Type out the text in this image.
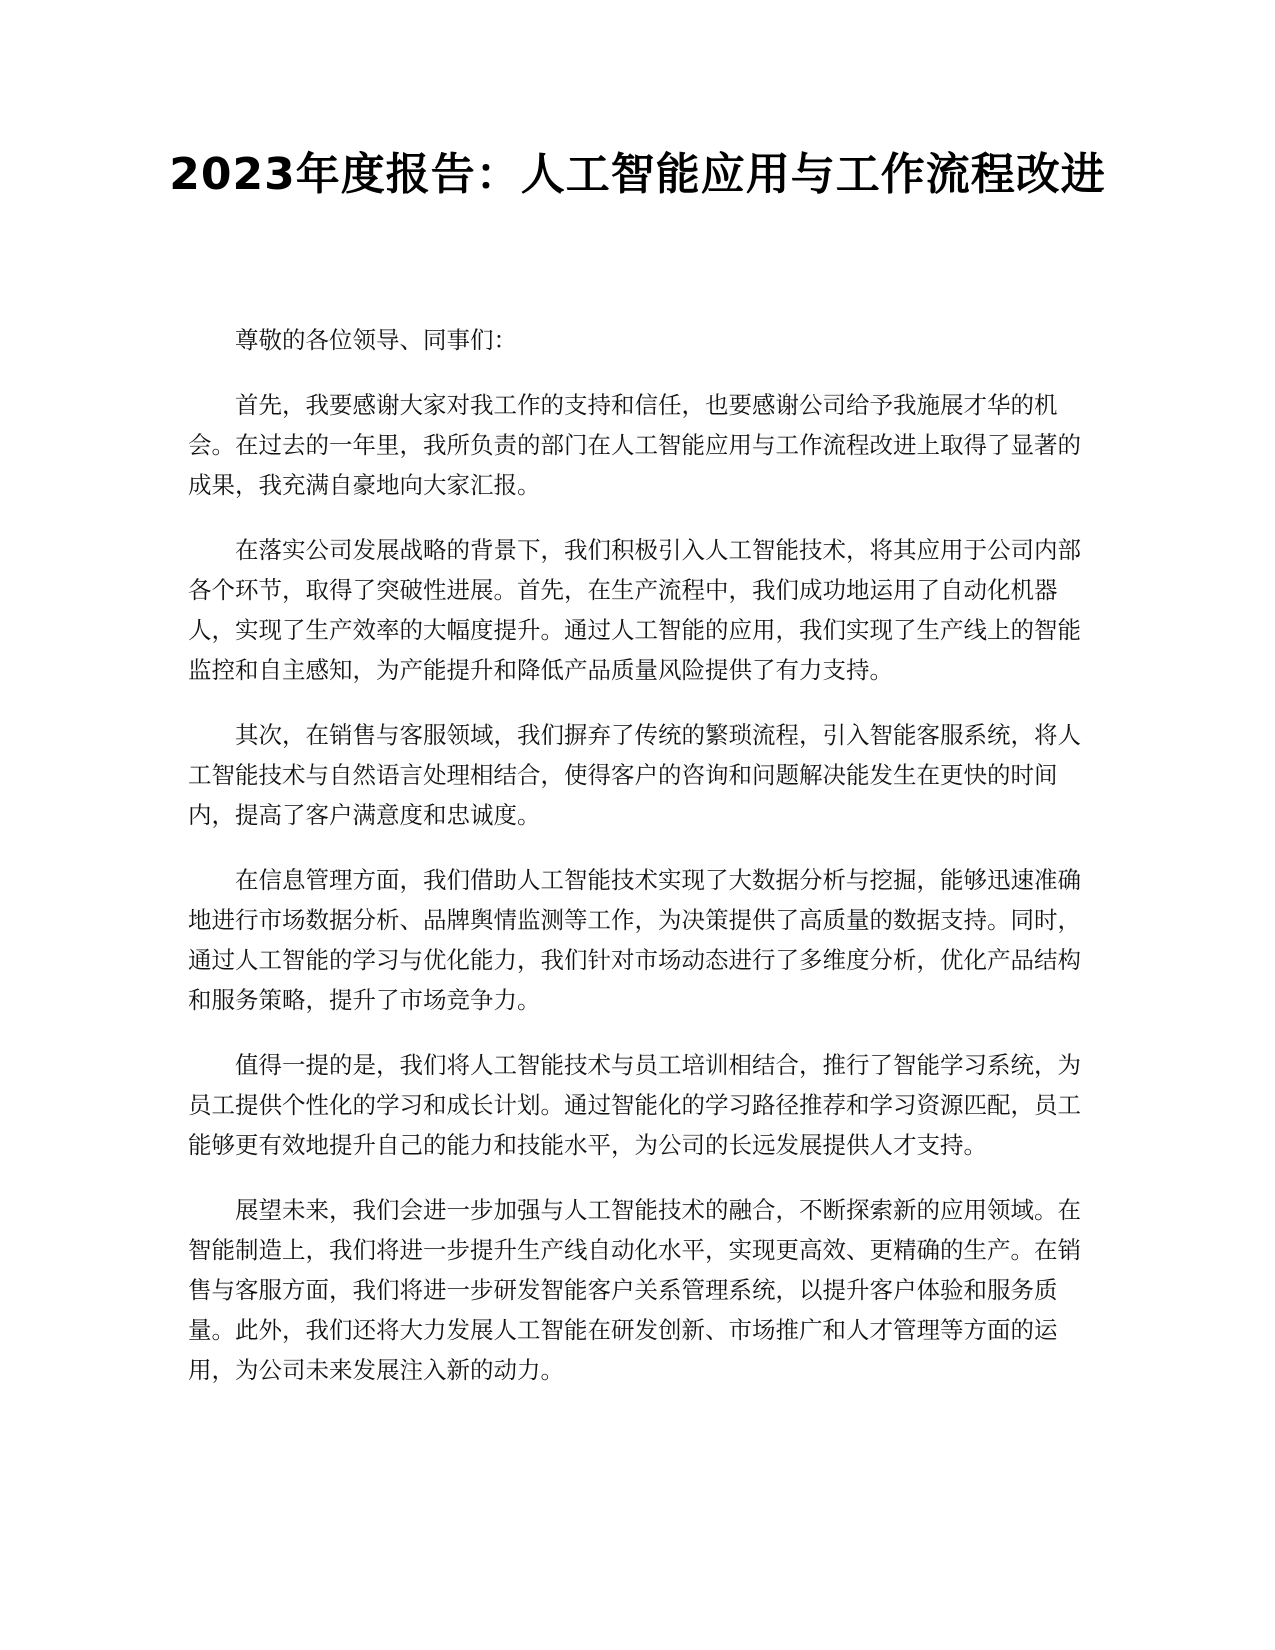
2023年度报告：人工智能应用与工作流程改进

尊敬的各位领导、同事们：

首先，我要感谢大家对我工作的支持和信任，也要感谢公司给予我施展才华的机会。在过去的一年里，我所负责的部门在人工智能应用与工作流程改进上取得了显著的成果，我充满自豪地向大家汇报。

在落实公司发展战略的背景下，我们积极引入人工智能技术，将其应用于公司内部各个环节，取得了突破性进展。首先，在生产流程中，我们成功地运用了自动化机器人，实现了生产效率的大幅度提升。通过人工智能的应用，我们实现了生产线上的智能监控和自主感知，为产能提升和降低产品质量风险提供了有力支持。

其次，在销售与客服领域，我们摒弃了传统的繁琐流程，引入智能客服系统，将人工智能技术与自然语言处理相结合，使得客户的咨询和问题解决能发生在更快的时间内，提高了客户满意度和忠诚度。

在信息管理方面，我们借助人工智能技术实现了大数据分析与挖掘，能够迅速准确地进行市场数据分析、品牌舆情监测等工作，为决策提供了高质量的数据支持。同时，通过人工智能的学习与优化能力，我们针对市场动态进行了多维度分析，优化产品结构和服务策略，提升了市场竞争力。

值得一提的是，我们将人工智能技术与员工培训相结合，推行了智能学习系统，为员工提供个性化的学习和成长计划。通过智能化的学习路径推荐和学习资源匹配，员工能够更有效地提升自己的能力和技能水平，为公司的长远发展提供人才支持。

展望未来，我们会进一步加强与人工智能技术的融合，不断探索新的应用领域。在智能制造上，我们将进一步提升生产线自动化水平，实现更高效、更精确的生产。在销售与客服方面，我们将进一步研发智能客户关系管理系统，以提升客户体验和服务质量。此外，我们还将大力发展人工智能在研发创新、市场推广和人才管理等方面的运用，为公司未来发展注入新的动力。
